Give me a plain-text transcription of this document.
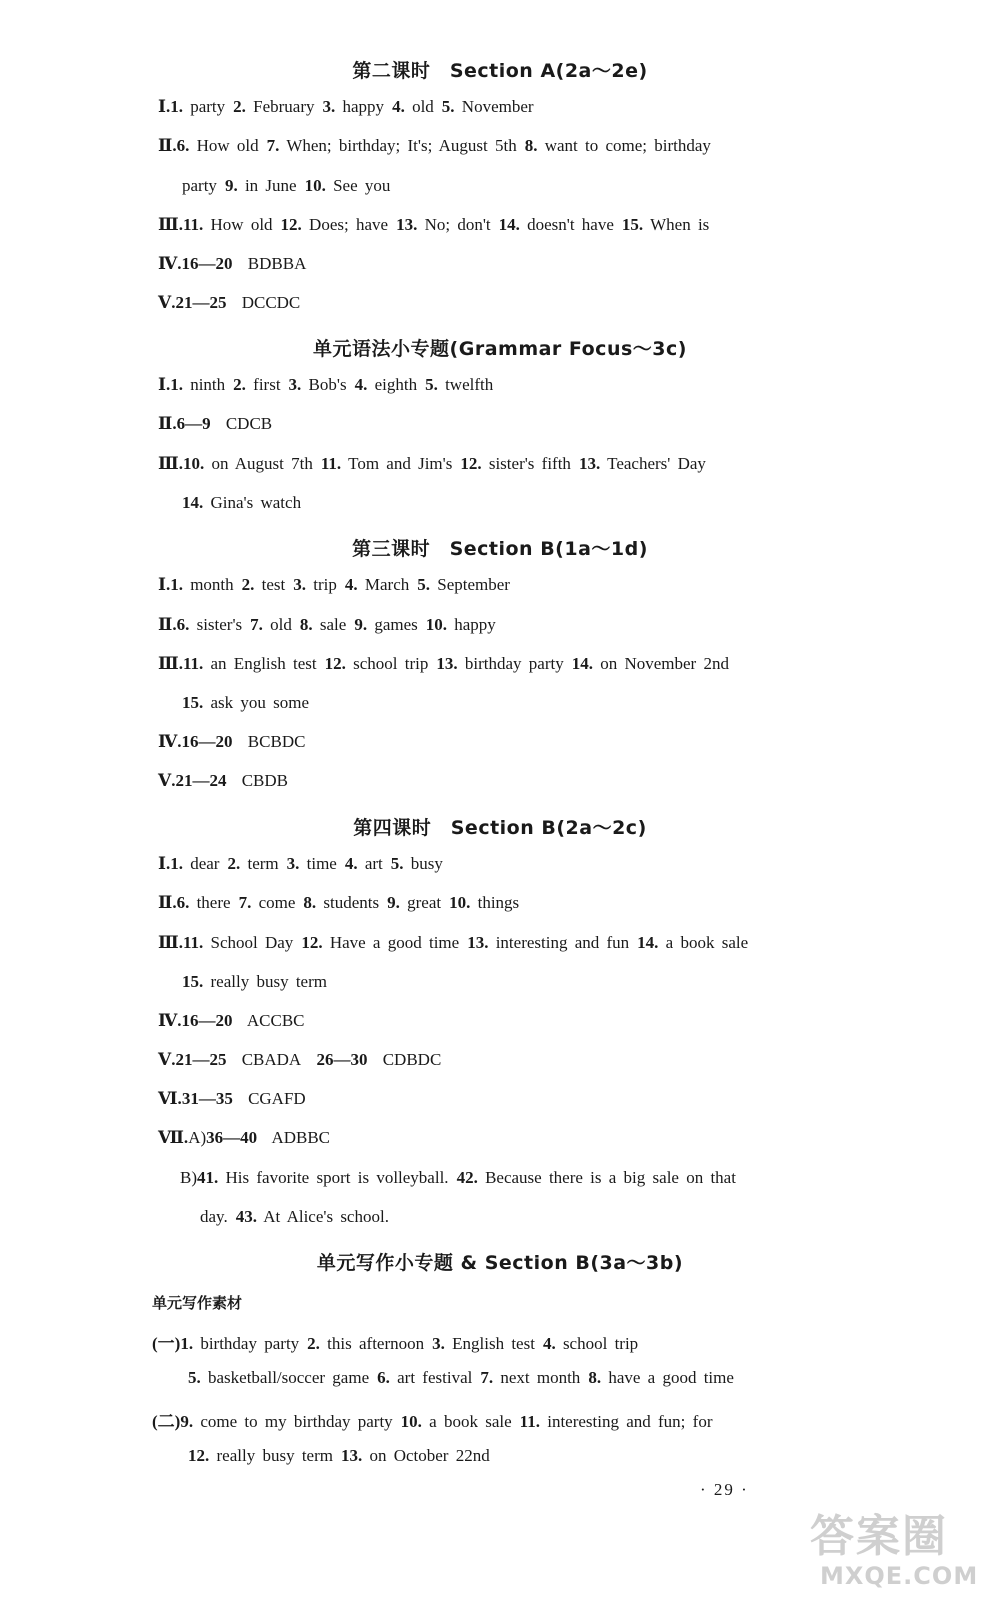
第二课时　Section A(2a～2e)
Ⅰ.1. party 2. February 3. happy 4. old 5. November
Ⅱ.6. How old 7. When; birthday; It's; August 5th 8. want to come; birthday
party 9. in June 10. See you
Ⅲ.11. How old 12. Does; have 13. No; don't 14. doesn't have 15. When is
Ⅳ.16—20 BDBBA
Ⅴ.21—25 DCCDC
单元语法小专题(Grammar Focus～3c)
Ⅰ.1. ninth 2. first 3. Bob's 4. eighth 5. twelfth
Ⅱ.6—9 CDCB
Ⅲ.10. on August 7th 11. Tom and Jim's 12. sister's fifth 13. Teachers' Day
14. Gina's watch
第三课时　Section B(1a～1d)
Ⅰ.1. month 2. test 3. trip 4. March 5. September
Ⅱ.6. sister's 7. old 8. sale 9. games 10. happy
Ⅲ.11. an English test 12. school trip 13. birthday party 14. on November 2nd
15. ask you some
Ⅳ.16—20 BCBDC
Ⅴ.21—24 CBDB
第四课时　Section B(2a～2c)
Ⅰ.1. dear 2. term 3. time 4. art 5. busy
Ⅱ.6. there 7. come 8. students 9. great 10. things
Ⅲ.11. School Day 12. Have a good time 13. interesting and fun 14. a book sale
15. really busy term
Ⅳ.16—20 ACCBC
Ⅴ.21—25 CBADA 26—30 CDBDC
Ⅵ.31—35 CGAFD
Ⅶ.A)36—40 ADBBC
B)41. His favorite sport is volleyball. 42. Because there is a big sale on that
day. 43. At Alice's school.
单元写作小专题 & Section B(3a～3b)
单元写作素材
(一)1. birthday party 2. this afternoon 3. English test 4. school trip
5. basketball/soccer game 6. art festival 7. next month 8. have a good time
(二)9. come to my birthday party 10. a book sale 11. interesting and fun; for
12. really busy term 13. on October 22nd
· 29 ·
答案圈
MXQE.COM
